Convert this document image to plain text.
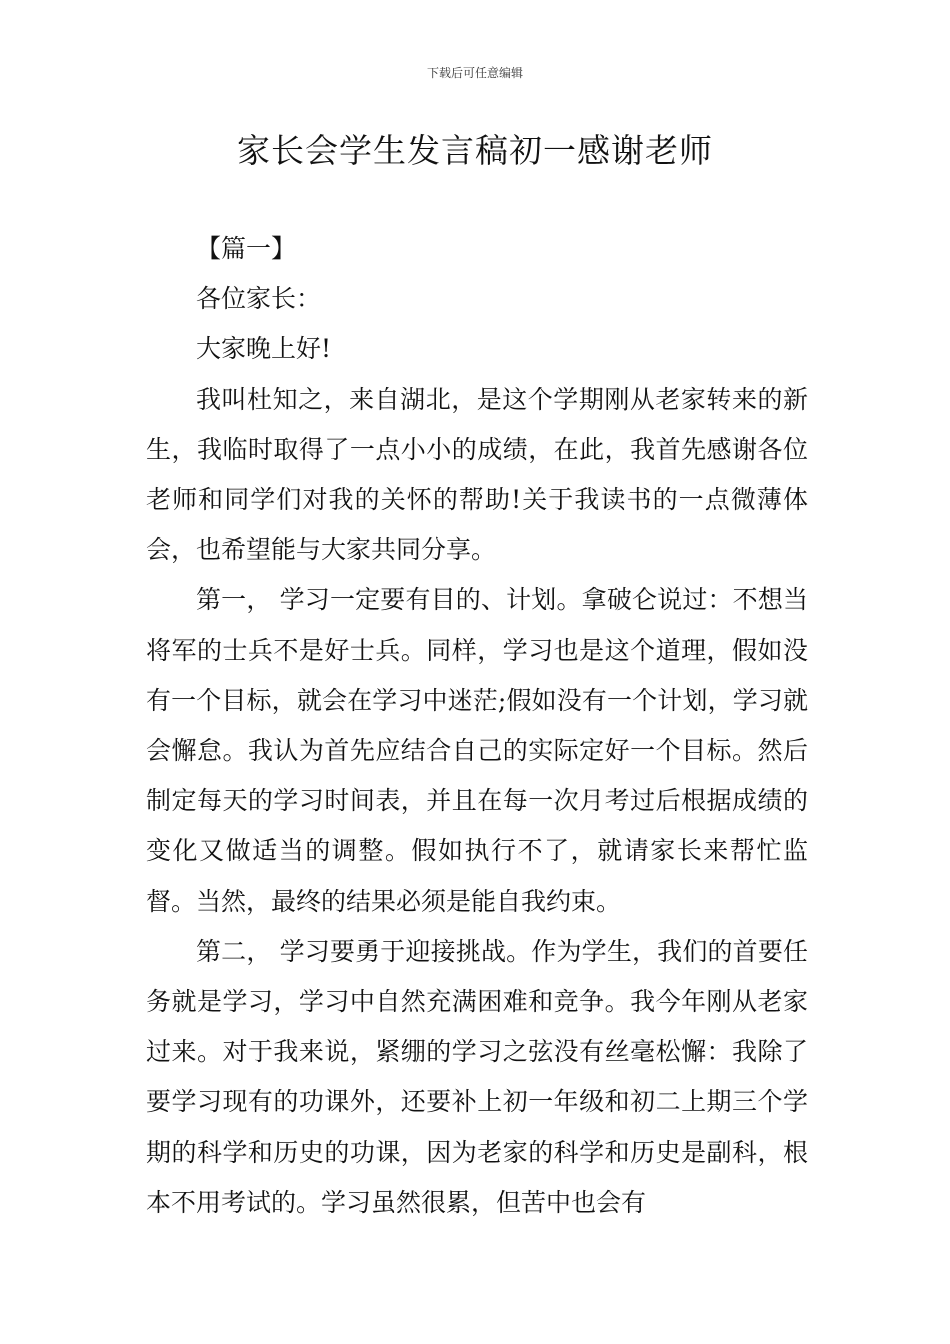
下载后可任意编辑
家长会学生发言稿初一感谢老师

【篇一】

各位家长：

大家晚上好!

我叫杜知之，来自湖北，是这个学期刚从老家转来的新生，我临时取得了一点小小的成绩，在此，我首先感谢各位老师和同学们对我的关怀的帮助!关于我读书的一点微薄体会，也希望能与大家共同分享。

第一， 学习一定要有目的、计划。拿破仑说过：不想当将军的士兵不是好士兵。同样，学习也是这个道理，假如没有一个目标，就会在学习中迷茫;假如没有一个计划，学习就会懈怠。我认为首先应结合自己的实际定好一个目标。然后制定每天的学习时间表，并且在每一次月考过后根据成绩的变化又做适当的调整。假如执行不了，就请家长来帮忙监督。当然，最终的结果必须是能自我约束。

第二， 学习要勇于迎接挑战。作为学生，我们的首要任务就是学习，学习中自然充满困难和竞争。我今年刚从老家过来。对于我来说，紧绷的学习之弦没有丝毫松懈：我除了要学习现有的功课外，还要补上初一年级和初二上期三个学期的科学和历史的功课，因为老家的科学和历史是副科，根本不用考试的。学习虽然很累，但苦中也会有
